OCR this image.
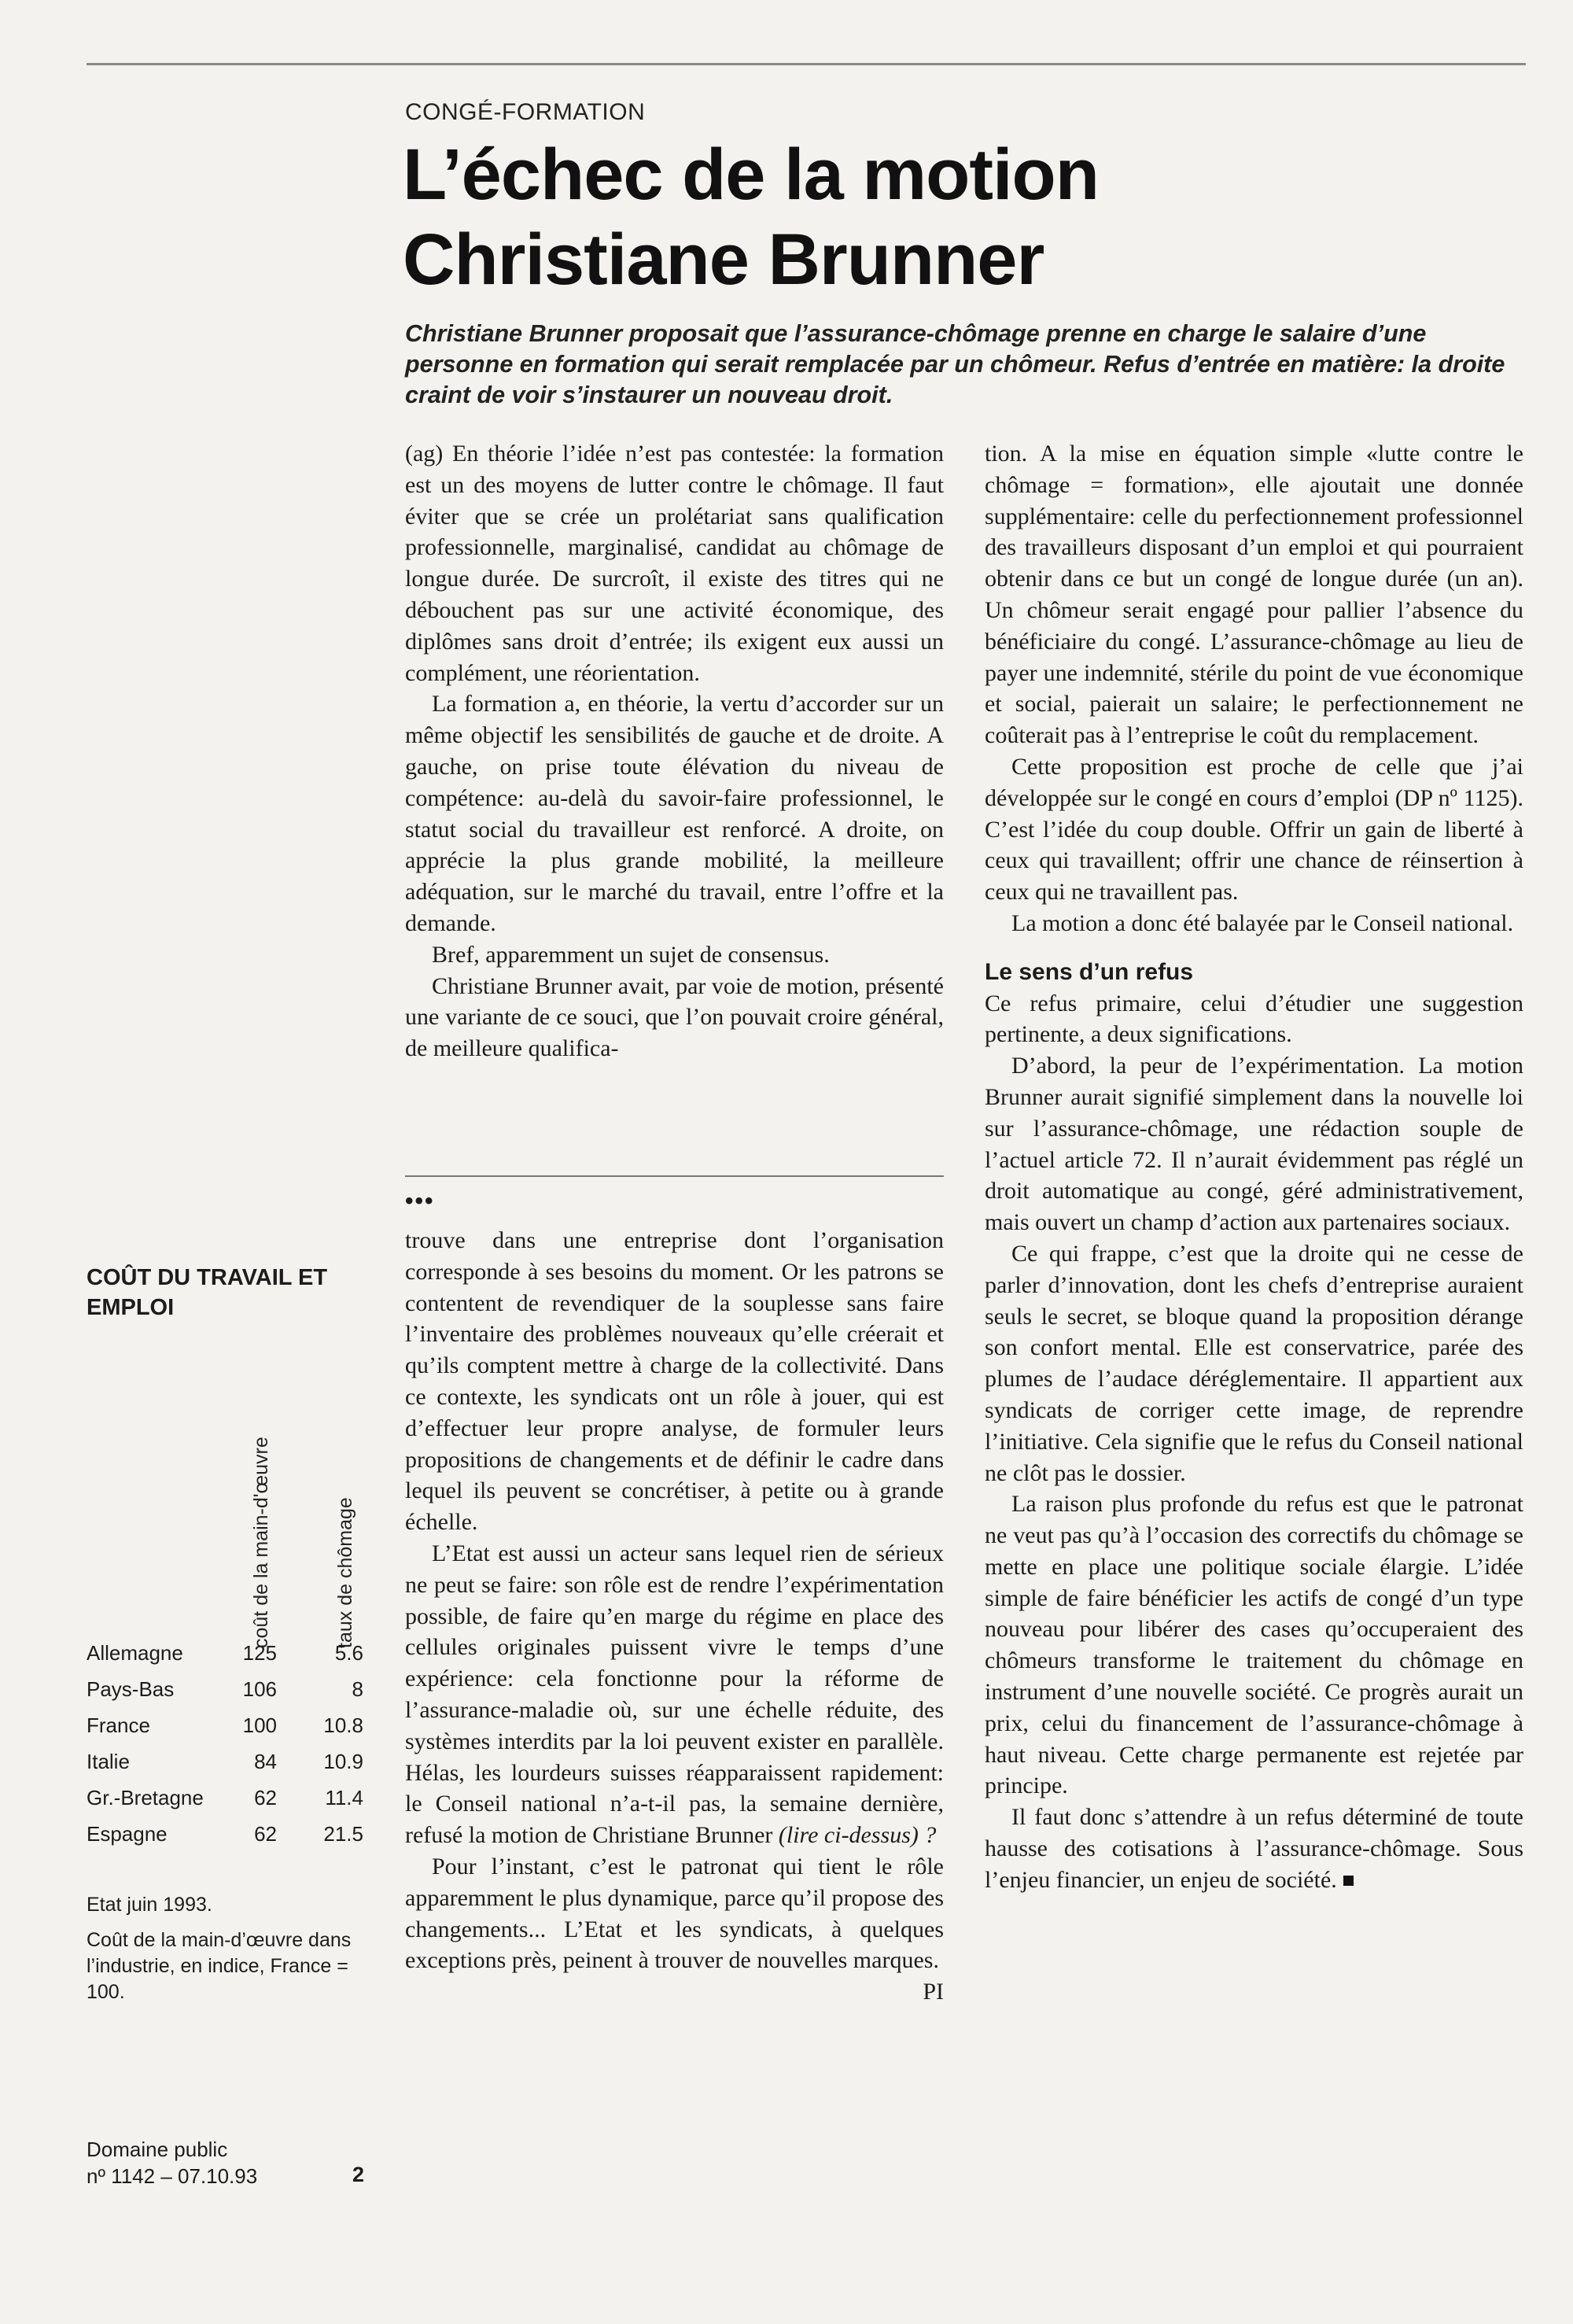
CONGÉ-FORMATION
L’échec de la motion
Christiane Brunner

Christiane Brunner proposait que l’assurance-chômage prenne en charge le salaire d’une personne en formation qui serait remplacée par un chômeur. Refus d’entrée en matière: la droite craint de voir s’instaurer un nouveau droit.

(ag) En théorie l’idée n’est pas contestée: la formation est un des moyens de lutter contre le chômage. Il faut éviter que se crée un prolétariat sans qualification professionnelle, marginalisé, candidat au chômage de longue durée. De surcroît, il existe des titres qui ne débouchent pas sur une activité économique, des diplômes sans droit d’entrée; ils exigent eux aussi un complément, une réorientation.

La formation a, en théorie, la vertu d’accorder sur un même objectif les sensibilités de gauche et de droite. A gauche, on prise toute élévation du niveau de compétence: au-delà du savoir-faire professionnel, le statut social du travailleur est renforcé. A droite, on apprécie la plus grande mobilité, la meilleure adéquation, sur le marché du travail, entre l’offre et la demande.

Bref, apparemment un sujet de consensus.

Christiane Brunner avait, par voie de motion, présenté une variante de ce souci, que l’on pouvait croire général, de meilleure qualifica-

tion. A la mise en équation simple «lutte contre le chômage = formation», elle ajoutait une donnée supplémentaire: celle du perfectionnement professionnel des travailleurs disposant d’un emploi et qui pourraient obtenir dans ce but un congé de longue durée (un an). Un chômeur serait engagé pour pallier l’absence du bénéficiaire du congé. L’assurance-chômage au lieu de payer une indemnité, stérile du point de vue économique et social, paierait un salaire; le perfectionnement ne coûterait pas à l’entreprise le coût du remplacement.

Cette proposition est proche de celle que j’ai développée sur le congé en cours d’emploi (DP nº 1125). C’est l’idée du coup double. Offrir un gain de liberté à ceux qui travaillent; offrir une chance de réinsertion à ceux qui ne travaillent pas.

La motion a donc été balayée par le Conseil national.

Le sens d’un refus

Ce refus primaire, celui d’étudier une suggestion pertinente, a deux significations.

D’abord, la peur de l’expérimentation. La motion Brunner aurait signifié simplement dans la nouvelle loi sur l’assurance-chômage, une rédaction souple de l’actuel article 72. Il n’aurait évidemment pas réglé un droit automatique au congé, géré administrativement, mais ouvert un champ d’action aux partenaires sociaux.

Ce qui frappe, c’est que la droite qui ne cesse de parler d’innovation, dont les chefs d’entreprise auraient seuls le secret, se bloque quand la proposition dérange son confort mental. Elle est conservatrice, parée des plumes de l’audace déréglementaire. Il appartient aux syndicats de corriger cette image, de reprendre l’initiative. Cela signifie que le refus du Conseil national ne clôt pas le dossier.

La raison plus profonde du refus est que le patronat ne veut pas qu’à l’occasion des correctifs du chômage se mette en place une politique sociale élargie. L’idée simple de faire bénéficier les actifs de congé d’un type nouveau pour libérer des cases qu’occuperaient des chômeurs transforme le traitement du chômage en instrument d’une nouvelle société. Ce progrès aurait un prix, celui du financement de l’assurance-chômage à haut niveau. Cette charge permanente est rejetée par principe.

Il faut donc s’attendre à un refus déterminé de toute hausse des cotisations à l’assurance-chômage. Sous l’enjeu financier, un enjeu de société.

•••

trouve dans une entreprise dont l’organisation corresponde à ses besoins du moment. Or les patrons se contentent de revendiquer de la souplesse sans faire l’inventaire des problèmes nouveaux qu’elle créerait et qu’ils comptent mettre à charge de la collectivité. Dans ce contexte, les syndicats ont un rôle à jouer, qui est d’effectuer leur propre analyse, de formuler leurs propositions de changements et de définir le cadre dans lequel ils peuvent se concrétiser, à petite ou à grande échelle.

L’Etat est aussi un acteur sans lequel rien de sérieux ne peut se faire: son rôle est de rendre l’expérimentation possible, de faire qu’en marge du régime en place des cellules originales puissent vivre le temps d’une expérience: cela fonctionne pour la réforme de l’assurance-maladie où, sur une échelle réduite, des systèmes interdits par la loi peuvent exister en parallèle. Hélas, les lourdeurs suisses réapparaissent rapidement: le Conseil national n’a-t-il pas, la semaine dernière, refusé la motion de Christiane Brunner (lire ci-dessus) ?

Pour l’instant, c’est le patronat qui tient le rôle apparemment le plus dynamique, parce qu’il propose des changements... L’Etat et les syndicats, à quelques exceptions près, peinent à trouver de nouvelles marques.

PI

COÛT DU TRAVAIL ET EMPLOI
coût de la main-d'œuvre	taux de chômage
Allemagne	125	5.6
Pays-Bas	106	8
France	100	10.8
Italie	84	10.9
Gr.-Bretagne	62	11.4
Espagne	62	21.5

Etat juin 1993.

Coût de la main-d’œuvre dans l’industrie, en indice, France = 100.

Domaine public
nº 1142 – 07.10.93	2
